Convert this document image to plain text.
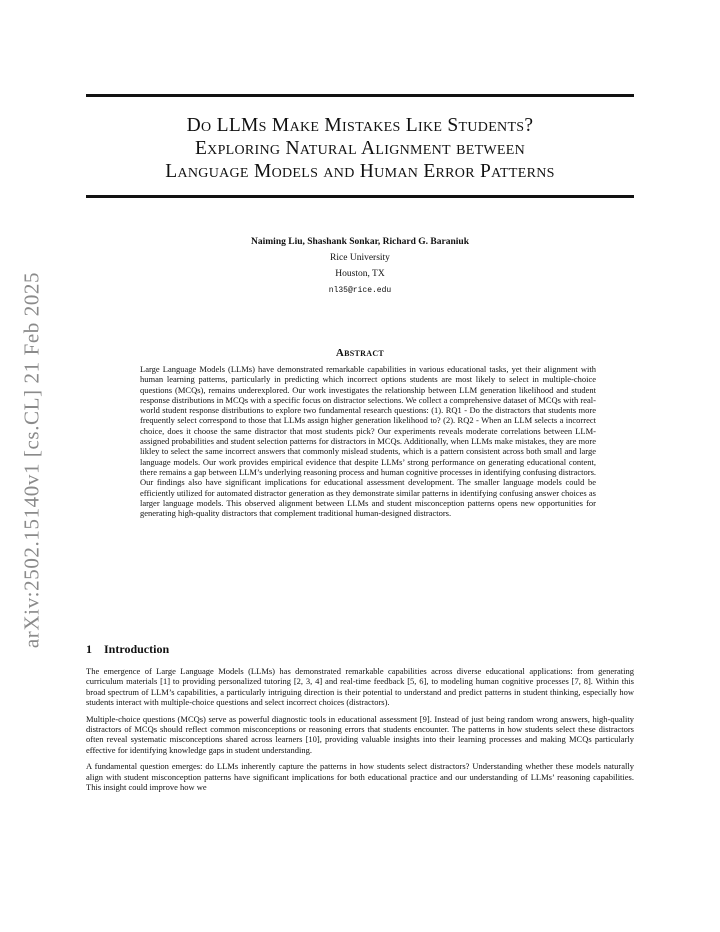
arXiv:2502.15140v1 [cs.CL] 21 Feb 2025
Do LLMs Make Mistakes Like Students?
Exploring Natural Alignment between
Language Models and Human Error Patterns
Naiming Liu, Shashank Sonkar, Richard G. Baraniuk
Rice University
Houston, TX
nl35@rice.edu
Abstract
Large Language Models (LLMs) have demonstrated remarkable capabilities in various educational tasks, yet their alignment with human learning patterns, particularly in predicting which incorrect options students are most likely to select in multiple-choice questions (MCQs), remains underexplored. Our work investigates the relationship between LLM generation likelihood and student response distributions in MCQs with a specific focus on distractor selections. We collect a comprehensive dataset of MCQs with real-world student response distributions to explore two fundamental research questions: (1). RQ1 - Do the distractors that students more frequently select correspond to those that LLMs assign higher generation likelihood to? (2). RQ2 - When an LLM selects a incorrect choice, does it choose the same distractor that most students pick? Our experiments reveals moderate correlations between LLM-assigned probabilities and student selection patterns for distractors in MCQs. Additionally, when LLMs make mistakes, they are more likley to select the same incorrect answers that commonly mislead students, which is a pattern consistent across both small and large language models. Our work provides empirical evidence that despite LLMs’ strong performance on generating educational content, there remains a gap between LLM’s underlying reasoning process and human cognitive processes in identifying confusing distractors. Our findings also have significant implications for educational assessment development. The smaller language models could be efficiently utilized for automated distractor generation as they demonstrate similar patterns in identifying confusing answer choices as larger language models. This observed alignment between LLMs and student misconception patterns opens new opportunities for generating high-quality distractors that complement traditional human-designed distractors.
1 Introduction

The emergence of Large Language Models (LLMs) has demonstrated remarkable capabilities across diverse educational applications: from generating curriculum materials [1] to providing personalized tutoring [2, 3, 4] and real-time feedback [5, 6], to modeling human cognitive processes [7, 8]. Within this broad spectrum of LLM’s capabilities, a particularly intriguing direction is their potential to understand and predict patterns in student thinking, especially how students interact with multiple-choice questions and select incorrect choices (distractors).

Multiple-choice questions (MCQs) serve as powerful diagnostic tools in educational assessment [9]. Instead of just being random wrong answers, high-quality distractors of MCQs should reflect common misconceptions or reasoning errors that students encounter. The patterns in how students select these distractors often reveal systematic misconceptions shared across learners [10], providing valuable insights into their learning processes and making MCQs particularly effective for identifying knowledge gaps in student understanding.

A fundamental question emerges: do LLMs inherently capture the patterns in how students select distractors? Understanding whether these models naturally align with student misconception patterns have significant implications for both educational practice and our understanding of LLMs’ reasoning capabilities. This insight could improve how we
